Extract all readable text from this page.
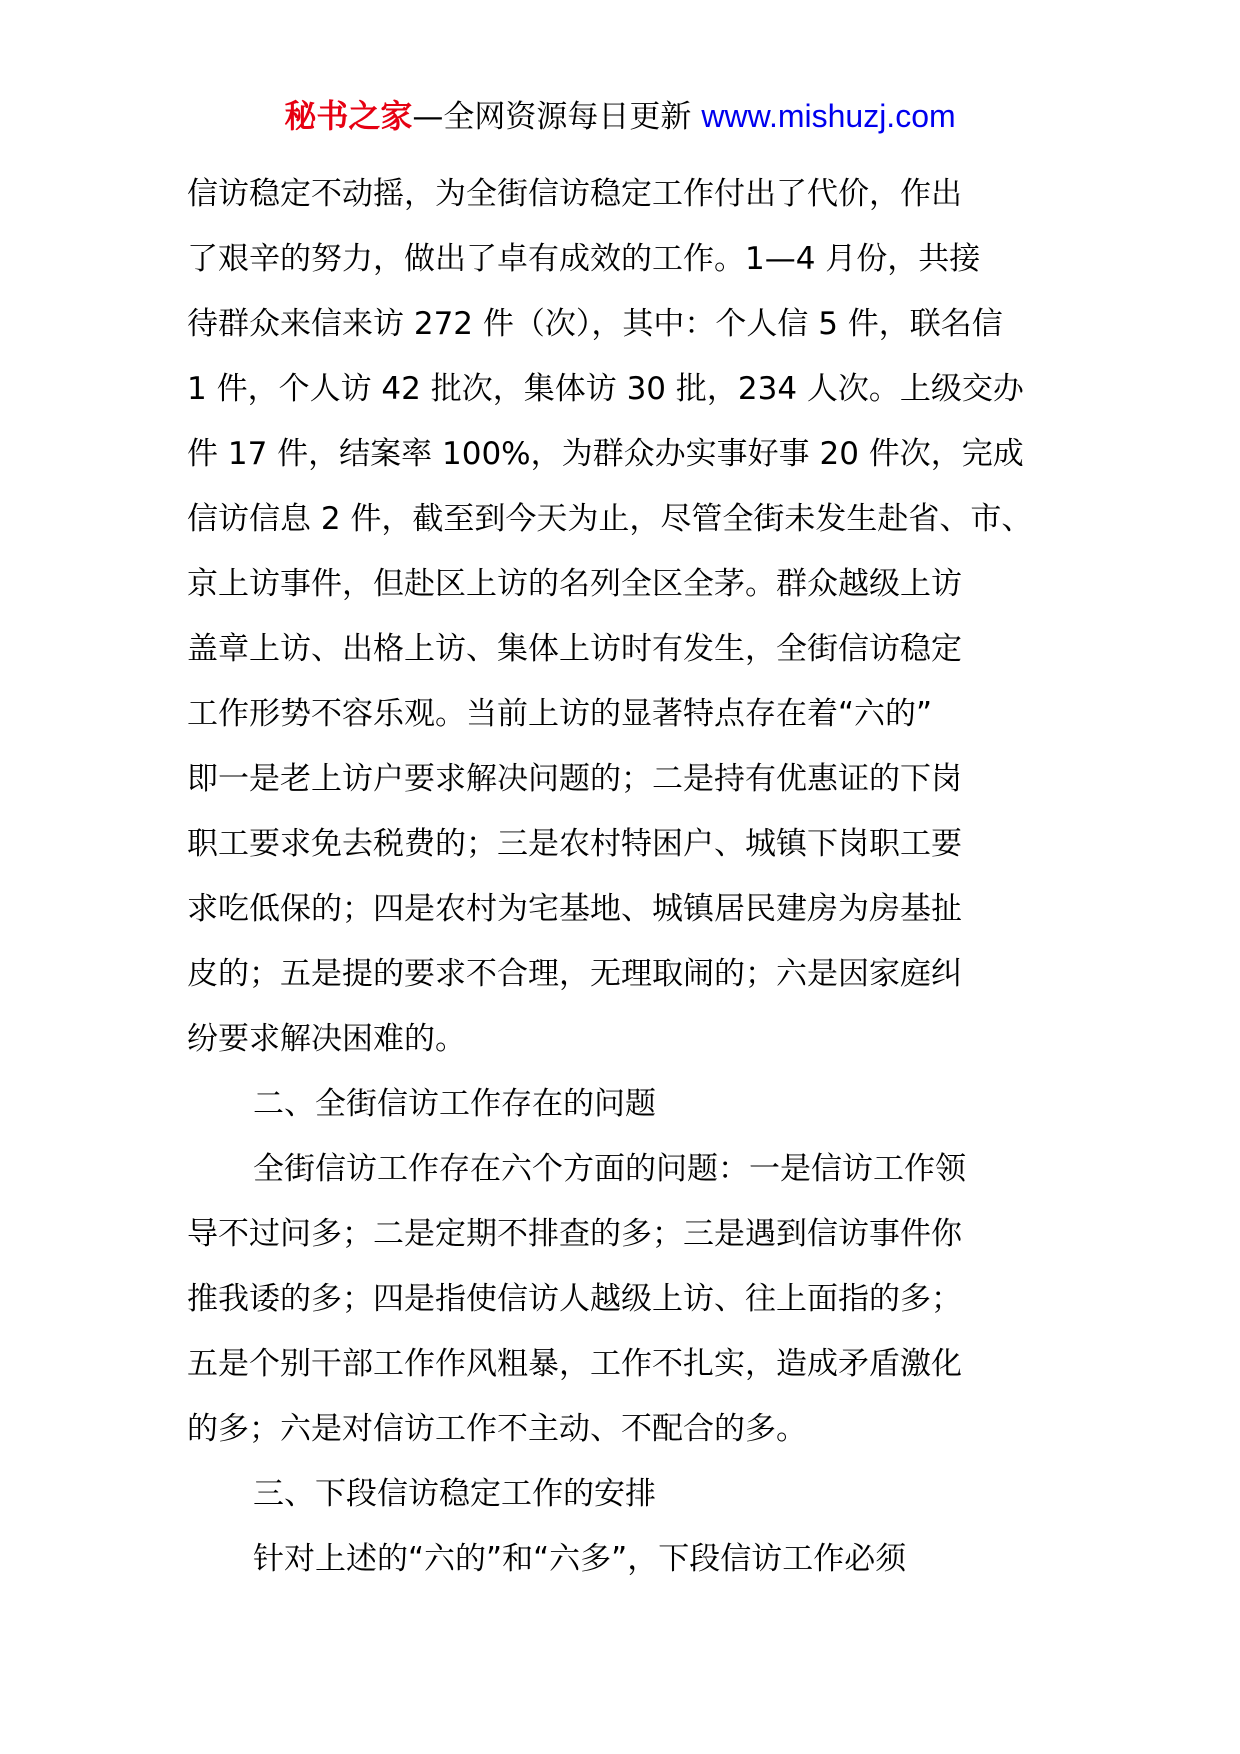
秘书之家—全网资源每日更新 www.mishuzj.com
信访稳定不动摇，为全街信访稳定工作付出了代价，作出
了艰辛的努力，做出了卓有成效的工作。1—4 月份，共接
待群众来信来访 272 件（次），其中：个人信 5 件，联名信
1 件，个人访 42 批次，集体访 30 批，234 人次。上级交办
件 17 件，结案率 100%，为群众办实事好事 20 件次，完成
信访信息 2 件，截至到今天为止，尽管全街未发生赴省、市、
京上访事件，但赴区上访的名列全区全茅。群众越级上访
盖章上访、出格上访、集体上访时有发生，全街信访稳定
工作形势不容乐观。当前上访的显著特点存在着“六的”
即一是老上访户要求解决问题的；二是持有优惠证的下岗
职工要求免去税费的；三是农村特困户、城镇下岗职工要
求吃低保的；四是农村为宅基地、城镇居民建房为房基扯
皮的；五是提的要求不合理，无理取闹的；六是因家庭纠
纷要求解决困难的。
二、全街信访工作存在的问题
全街信访工作存在六个方面的问题：一是信访工作领
导不过问多；二是定期不排查的多；三是遇到信访事件你
推我诿的多；四是指使信访人越级上访、往上面指的多；
五是个别干部工作作风粗暴，工作不扎实，造成矛盾激化
的多；六是对信访工作不主动、不配合的多。
三、下段信访稳定工作的安排
针对上述的“六的”和“六多”，下段信访工作必须
